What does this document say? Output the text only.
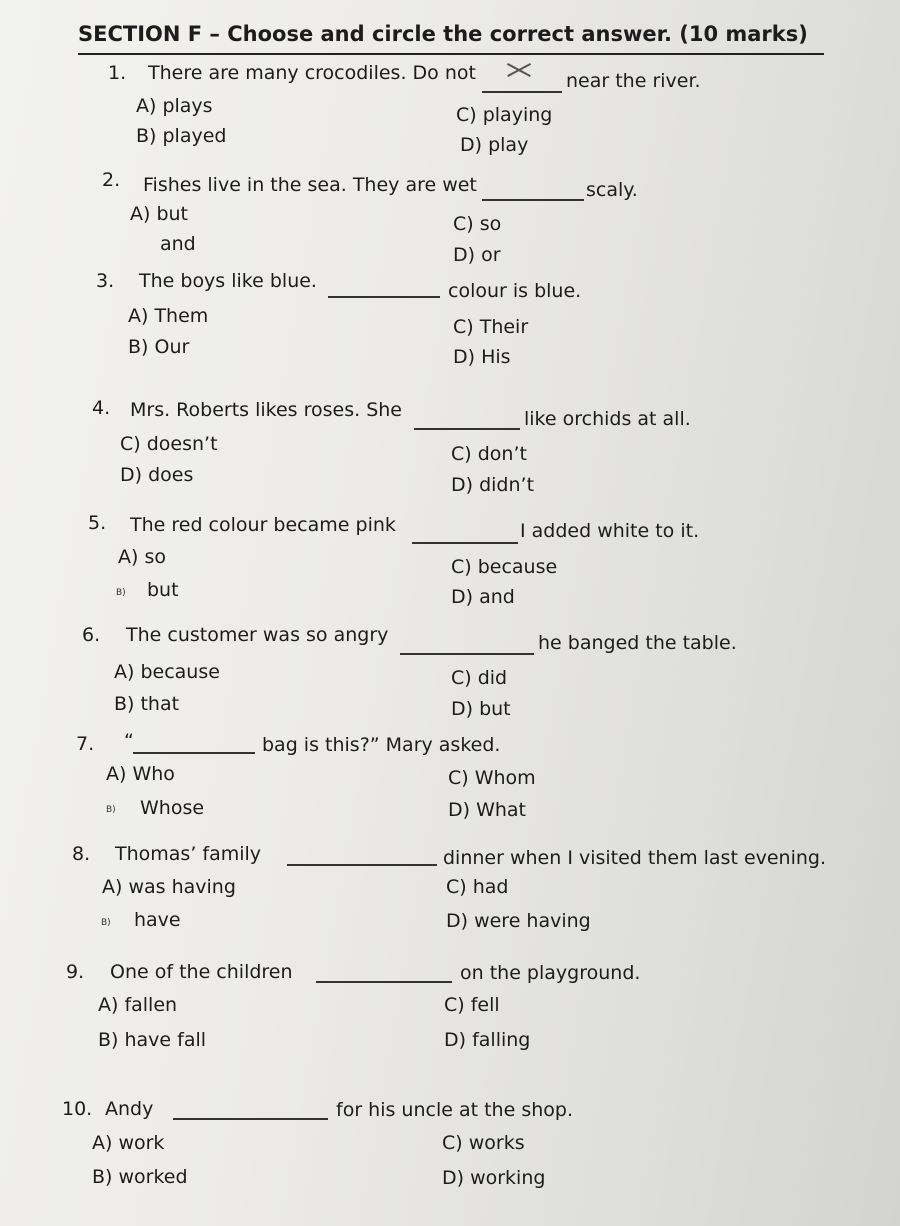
SECTION F – Choose and circle the correct answer. (10 marks)
1. There are many crocodiles. Do not	near the river.
A) plays
B) played
C) playing
D) play
2. Fishes live in the sea. They are wet	scaly.
A) but
and
C) so
D) or
3. The boys like blue.	colour is blue.
A) Them
B) Our
C) Their
D) His
4. Mrs. Roberts likes roses. She	like orchids at all.
C) doesn’t
D) does
C) don’t
D) didn’t
5. The red colour became pink	I added white to it.
A) so
B) but
C) because
D) and
6. The customer was so angry	he banged the table.
A) because
B) that
C) did
D) but
7. “	bag is this?” Mary asked.
A) Who
B) Whose
C) Whom
D) What
8. Thomas’ family	dinner when I visited them last evening.
A) was having
B) have
C) had
D) were having
9. One of the children	on the playground.
A) fallen
B) have fall
C) fell
D) falling
10. Andy	for his uncle at the shop.
A) work
B) worked
C) works
D) working
